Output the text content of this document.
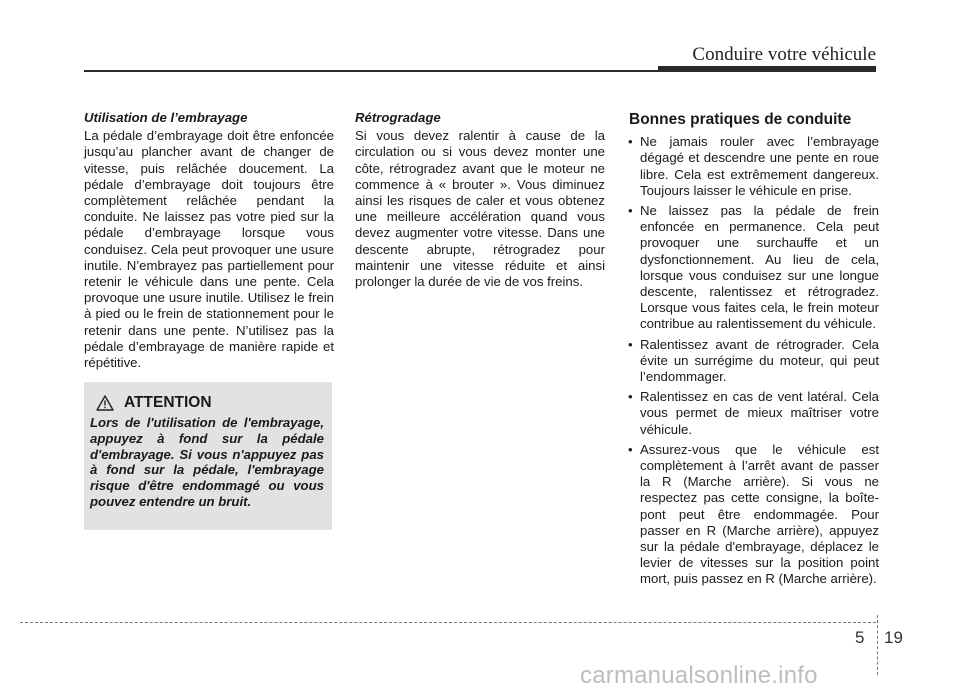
Conduire votre véhicule

Utilisation de l’embrayage

La pédale d’embrayage doit être enfoncée jusqu’au plancher avant de changer de vitesse, puis relâchée doucement. La pédale d’embrayage doit toujours être complètement relâchée pendant la conduite. Ne laissez pas votre pied sur la pédale d’embrayage lorsque vous conduisez. Cela peut provoquer une usure inutile. N’embrayez pas partiellement pour retenir le véhicule dans une pente. Cela provoque une usure inutile. Utilisez le frein à pied ou le frein de stationnement pour le retenir dans une pente. N’utilisez pas la pédale d’embrayage de manière rapide et répétitive.

ATTENTION

Lors de l'utilisation de l'embrayage, appuyez à fond sur la pédale d'embrayage. Si vous n'appuyez pas à fond sur la pédale, l'embrayage risque d'être endommagé ou vous pouvez entendre un bruit.

Rétrogradage

Si vous devez ralentir à cause de la circulation ou si vous devez monter une côte, rétrogradez avant que le moteur ne commence à « brouter ». Vous diminuez ainsi les risques de caler et vous obtenez une meilleure accélération quand vous devez augmenter votre vitesse. Dans une descente abrupte, rétrogradez pour maintenir une vitesse réduite et ainsi prolonger la durée de vie de vos freins.

Bonnes pratiques de conduite

• Ne jamais rouler avec l’embrayage dégagé et descendre une pente en roue libre. Cela est extrêmement dangereux. Toujours laisser le véhicule en prise.
• Ne laissez pas la pédale de frein enfoncée en permanence. Cela peut provoquer une surchauffe et un dysfonctionnement. Au lieu de cela, lorsque vous conduisez sur une longue descente, ralentissez et rétrogradez. Lorsque vous faites cela, le frein moteur contribue au ralentissement du véhicule.
• Ralentissez avant de rétrograder. Cela évite un surrégime du moteur, qui peut l’endommager.
• Ralentissez en cas de vent latéral. Cela vous permet de mieux maîtriser votre véhicule.
• Assurez-vous que le véhicule est complètement à l’arrêt avant de passer la R (Marche arrière). Si vous ne respectez pas cette consigne, la boîte-pont peut être endommagée. Pour passer en R (Marche arrière), appuyez sur la pédale d'embrayage, déplacez le levier de vitesses sur la position point mort, puis passez en R (Marche arrière).
5 19
carmanualsonline.info
